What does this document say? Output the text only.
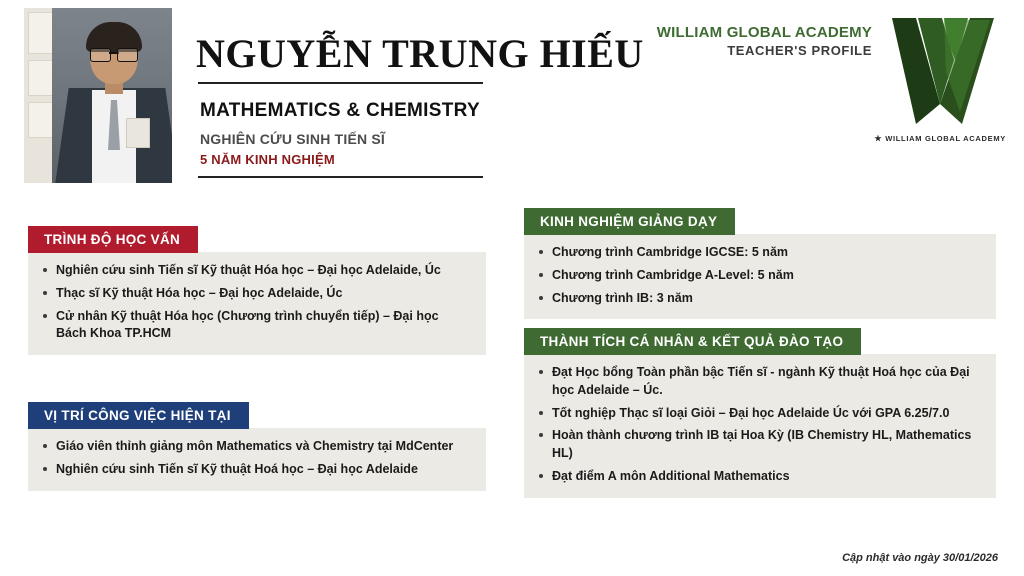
NGUYỄN TRUNG HIẾU
MATHEMATICS & CHEMISTRY
NGHIÊN CỨU SINH TIẾN SĨ
5 NĂM KINH NGHIỆM
WILLIAM GLOBAL ACADEMY
TEACHER'S PROFILE
★ WILLIAM GLOBAL ACADEMY
TRÌNH ĐỘ HỌC VẤN
Nghiên cứu sinh Tiến sĩ Kỹ thuật Hóa học – Đại học Adelaide, Úc
Thạc sĩ Kỹ thuật Hóa học – Đại học Adelaide, Úc
Cử nhân Kỹ thuật Hóa học (Chương trình chuyển tiếp) – Đại học Bách Khoa TP.HCM
VỊ TRÍ CÔNG VIỆC HIỆN TẠI
Giáo viên thỉnh giảng môn Mathematics và Chemistry tại MdCenter
Nghiên cứu sinh Tiến sĩ Kỹ thuật Hoá học – Đại học Adelaide
KINH NGHIỆM GIẢNG DẠY
Chương trình Cambridge IGCSE: 5 năm
Chương trình Cambridge A-Level: 5 năm
Chương trình IB: 3 năm
THÀNH TÍCH CÁ NHÂN & KẾT QUẢ ĐÀO TẠO
Đạt Học bổng Toàn phần bậc Tiến sĩ - ngành Kỹ thuật Hoá học của Đại học Adelaide – Úc.
Tốt nghiệp Thạc sĩ loại Giỏi – Đại học Adelaide Úc với GPA 6.25/7.0
Hoàn thành chương trình IB tại Hoa Kỳ (IB Chemistry HL, Mathematics HL)
Đạt điểm A môn Additional Mathematics
Cập nhật vào ngày 30/01/2026
